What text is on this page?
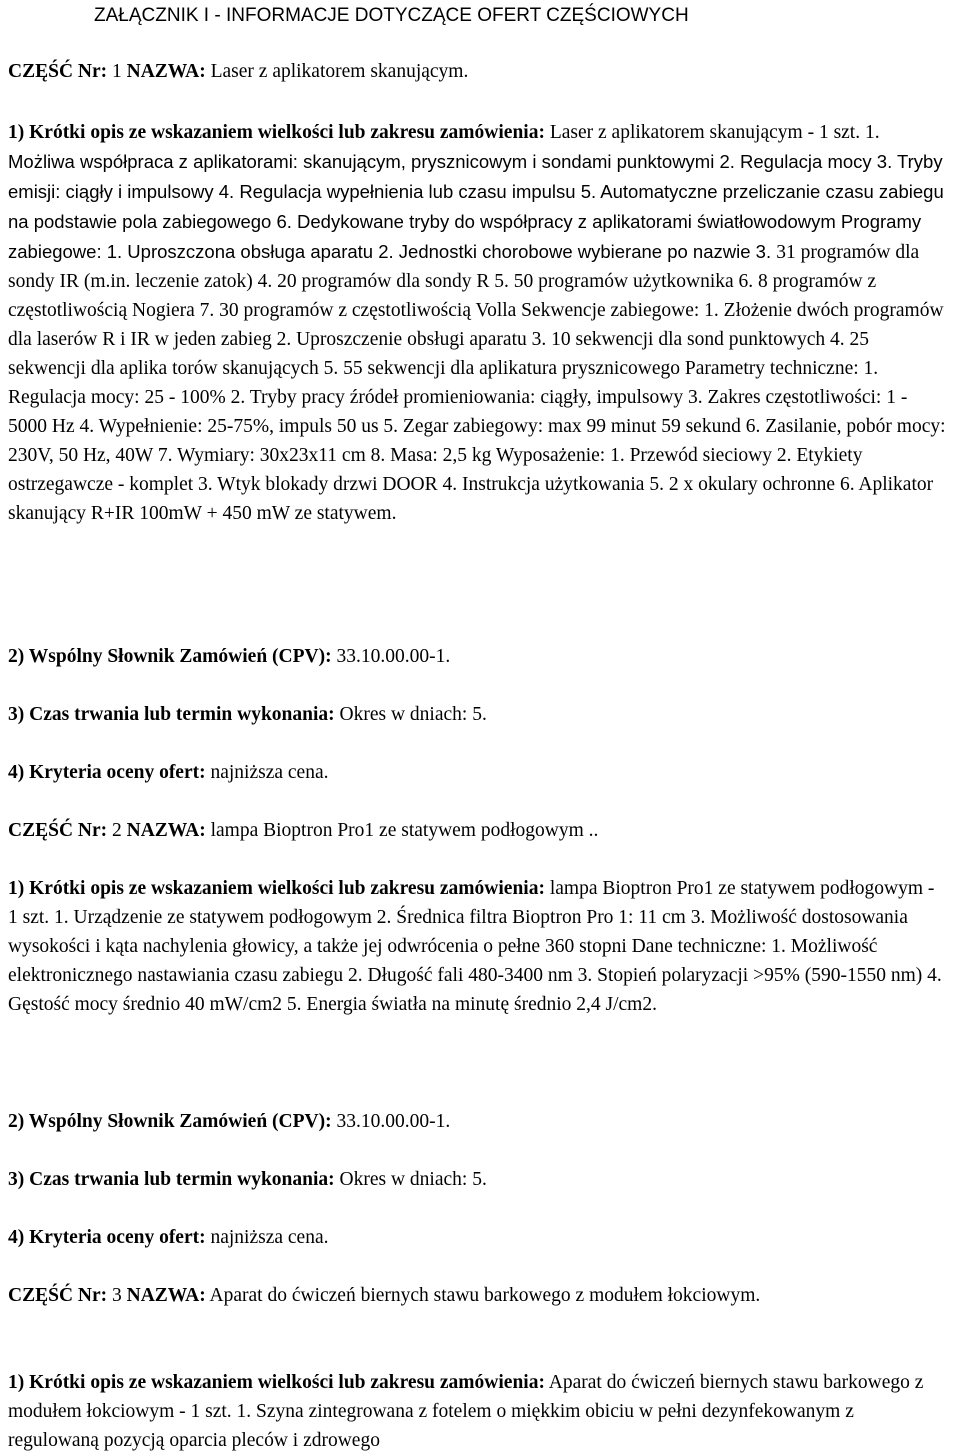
ZAŁĄCZNIK I - INFORMACJE DOTYCZĄCE OFERT CZĘŚCIOWYCH
CZĘŚĆ Nr: 1 NAZWA: Laser z aplikatorem skanującym.
1) Krótki opis ze wskazaniem wielkości lub zakresu zamówienia: Laser z aplikatorem skanującym - 1 szt. 1. Możliwa współpraca z aplikatorami: skanującym, prysznicowym i sondami punktowymi 2. Regulacja mocy 3. Tryby emisji: ciągły i impulsowy 4. Regulacja wypełnienia lub czasu impulsu 5. Automatyczne przeliczanie czasu zabiegu na podstawie pola zabiegowego 6. Dedykowane tryby do współpracy z aplikatorami światłowodowym Programy zabiegowe: 1. Uproszczona obsługa aparatu 2. Jednostki chorobowe wybierane po nazwie 3. 31 programów dla sondy IR (m.in. leczenie zatok) 4. 20 programów dla sondy R 5. 50 programów użytkownika 6. 8 programów z częstotliwością Nogiera 7. 30 programów z częstotliwością Volla Sekwencje zabiegowe: 1. Złożenie dwóch programów dla laserów R i IR w jeden zabieg 2. Uproszczenie obsługi aparatu 3. 10 sekwencji dla sond punktowych 4. 25 sekwencji dla aplika torów skanujących 5. 55 sekwencji dla aplikatura prysznicowego Parametry techniczne: 1. Regulacja mocy: 25 - 100% 2. Tryby pracy źródeł promieniowania: ciągły, impulsowy 3. Zakres częstotliwości: 1 - 5000 Hz 4. Wypełnienie: 25-75%, impuls 50 us 5. Zegar zabiegowy: max 99 minut 59 sekund 6. Zasilanie, pobór mocy: 230V, 50 Hz, 40W 7. Wymiary: 30x23x11 cm 8. Masa: 2,5 kg Wyposażenie: 1. Przewód sieciowy 2. Etykiety ostrzegawcze - komplet 3. Wtyk blokady drzwi DOOR 4. Instrukcja użytkowania 5. 2 x okulary ochronne 6. Aplikator skanujący R+IR 100mW + 450 mW ze statywem.
2) Wspólny Słownik Zamówień (CPV): 33.10.00.00-1.
3) Czas trwania lub termin wykonania: Okres w dniach: 5.
4) Kryteria oceny ofert: najniższa cena.
CZĘŚĆ Nr: 2 NAZWA: lampa Bioptron Pro1 ze statywem podłogowym ..
1) Krótki opis ze wskazaniem wielkości lub zakresu zamówienia: lampa Bioptron Pro1 ze statywem podłogowym - 1 szt. 1. Urządzenie ze statywem podłogowym 2. Średnica filtra Bioptron Pro 1: 11 cm 3. Możliwość dostosowania wysokości i kąta nachylenia głowicy, a także jej odwrócenia o pełne 360 stopni Dane techniczne: 1. Możliwość elektronicznego nastawiania czasu zabiegu 2. Długość fali 480-3400 nm 3. Stopień polaryzacji >95% (590-1550 nm) 4. Gęstość mocy średnio 40 mW/cm2 5. Energia światła na minutę średnio 2,4 J/cm2.
2) Wspólny Słownik Zamówień (CPV): 33.10.00.00-1.
3) Czas trwania lub termin wykonania: Okres w dniach: 5.
4) Kryteria oceny ofert: najniższa cena.
CZĘŚĆ Nr: 3 NAZWA: Aparat do ćwiczeń biernych stawu barkowego z modułem łokciowym.
1) Krótki opis ze wskazaniem wielkości lub zakresu zamówienia: Aparat do ćwiczeń biernych stawu barkowego z modułem łokciowym - 1 szt. 1. Szyna zintegrowana z fotelem o miękkim obiciu w pełni dezynfekowanym z regulowaną pozycją oparcia pleców i zdrowego
